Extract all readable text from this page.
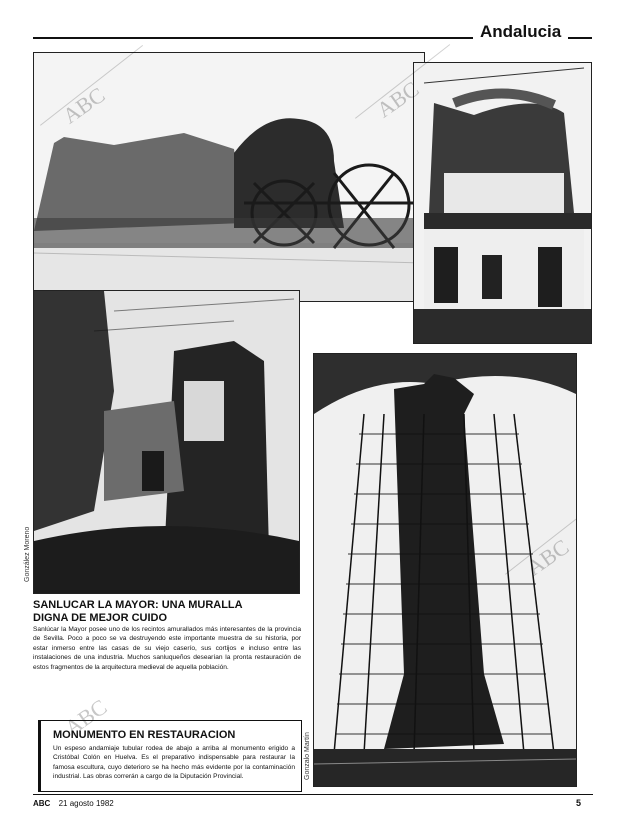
Andalucia
González Moreno
Gonzalo Martín
SANLUCAR LA MAYOR: UNA MURALLA
DIGNA DE MEJOR CUIDO
Sanlúcar la Mayor posee uno de los recintos amurallados más interesantes de la provincia de Sevilla. Poco a poco se va destruyendo este importante muestra de su historia, por estar inmerso entre las casas de su viejo caserío, sus cortijos e incluso entre las instalaciones de una industria. Muchos sanluqueños desearían la pronta restauración de estos fragmentos de la arquitectura medieval de aquella población.
MONUMENTO EN RESTAURACION
Un espeso andamiaje tubular rodea de abajo a arriba al monumento erigido a Cristóbal Colón en Huelva. Es el preparativo indispensable para restaurar la famosa escultura, cuyo deterioro se ha hecho más evidente por la contaminación industrial. Las obras correrán a cargo de la Diputación Provincial.
ABC	ABC
ABC
ABC
ABC 21 agosto 1982	5
